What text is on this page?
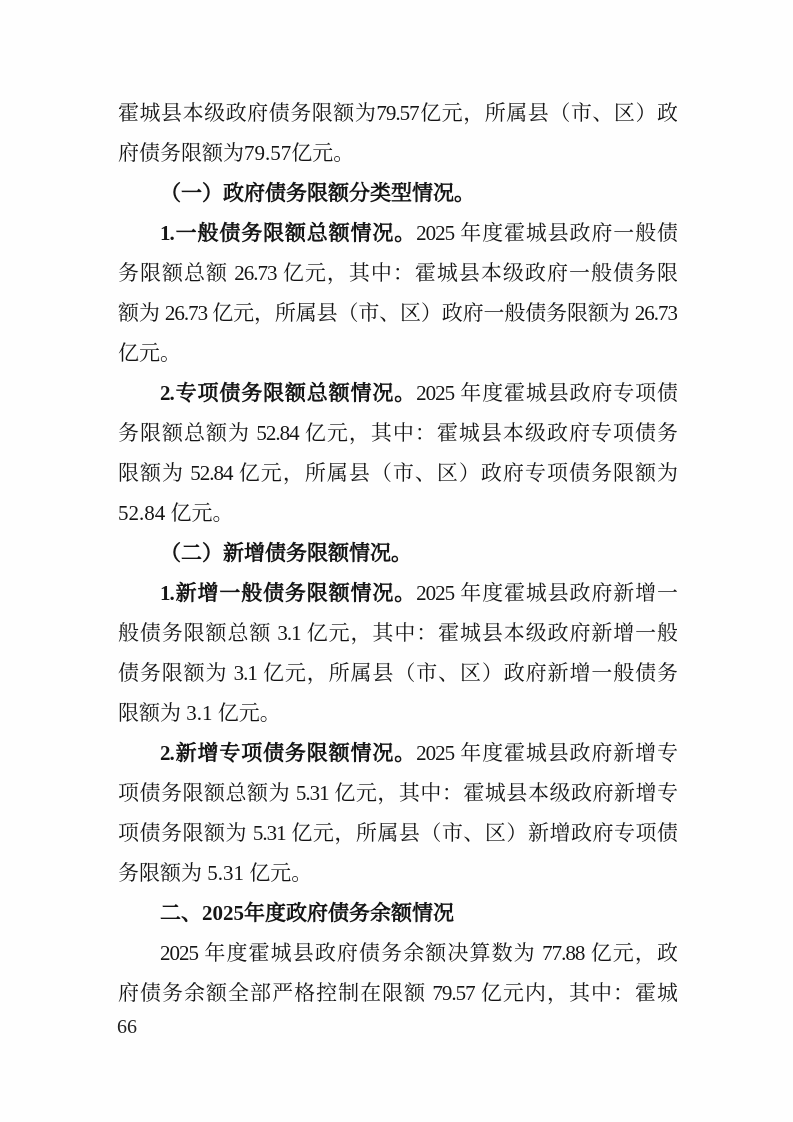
霍城县本级政府债务限额为79.57亿元，所属县（市、区）政
府债务限额为79.57亿元。
（一）政府债务限额分类型情况。
1.一般债务限额总额情况。2025 年度霍城县政府一般债
务限额总额 26.73 亿元，其中：霍城县本级政府一般债务限
额为 26.73 亿元，所属县（市、区）政府一般债务限额为 26.73
亿元。
2.专项债务限额总额情况。2025 年度霍城县政府专项债
务限额总额为 52.84 亿元，其中：霍城县本级政府专项债务
限额为 52.84 亿元，所属县（市、区）政府专项债务限额为
52.84 亿元。
（二）新增债务限额情况。
1.新增一般债务限额情况。2025 年度霍城县政府新增一
般债务限额总额 3.1 亿元，其中：霍城县本级政府新增一般
债务限额为 3.1 亿元，所属县（市、区）政府新增一般债务
限额为 3.1 亿元。
2.新增专项债务限额情况。2025 年度霍城县政府新增专
项债务限额总额为 5.31 亿元，其中：霍城县本级政府新增专
项债务限额为 5.31 亿元，所属县（市、区）新增政府专项债
务限额为 5.31 亿元。
二、2025年度政府债务余额情况
2025 年度霍城县政府债务余额决算数为 77.88 亿元，政
府债务余额全部严格控制在限额 79.57 亿元内，其中：霍城
66
